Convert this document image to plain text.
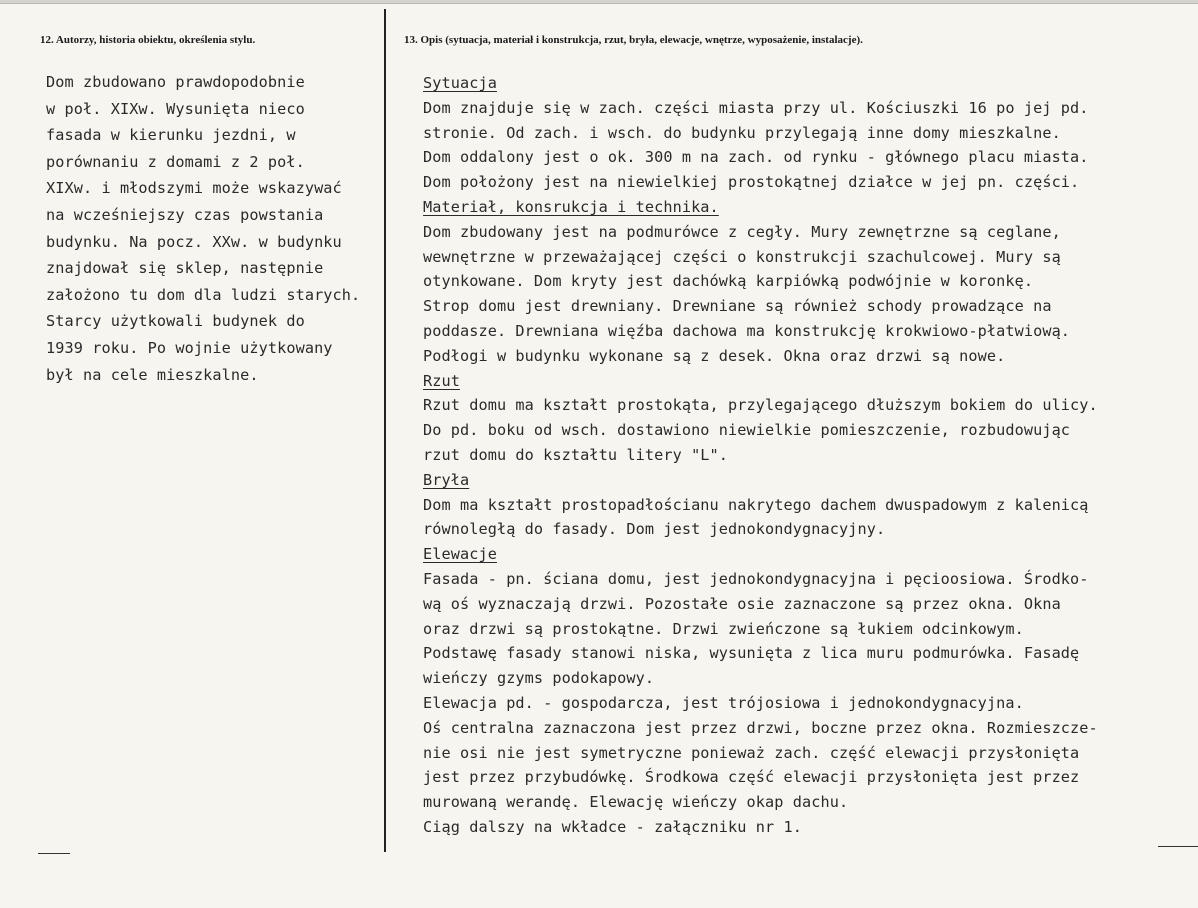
12. Autorzy, historia obiektu, określenia stylu.	13. Opis (sytuacja, materiał i konstrukcja, rzut, bryła, elewacje, wnętrze, wyposażenie, instalacje).
Dom zbudowano prawdopodobnie
w poł. XIXw. Wysunięta nieco
fasada w kierunku jezdni, w
porównaniu z domami z 2 poł.
XIXw. i młodszymi może wskazywać
na wcześniejszy czas powstania
budynku. Na pocz. XXw. w budynku
znajdował się sklep, następnie
założono tu dom dla ludzi starych.
Starcy użytkowali budynek do
1939 roku. Po wojnie użytkowany
był na cele mieszkalne.
Sytuacja
Dom znajduje się w zach. części miasta przy ul. Kościuszki 16 po jej pd.
stronie. Od zach. i wsch. do budynku przylegają inne domy mieszkalne.
Dom oddalony jest o ok. 300 m na zach. od rynku - głównego placu miasta.
Dom położony jest na niewielkiej prostokątnej działce w jej pn. części.
Materiał, konsrukcja i technika.
Dom zbudowany jest na podmurówce z cegły. Mury zewnętrzne są ceglane,
wewnętrzne w przeważającej części o konstrukcji szachulcowej. Mury są
otynkowane. Dom kryty jest dachówką karpiówką podwójnie w koronkę.
Strop domu jest drewniany. Drewniane są również schody prowadzące na
poddasze. Drewniana więźba dachowa ma konstrukcję krokwiowo-płatwiową.
Podłogi w budynku wykonane są z desek. Okna oraz drzwi są nowe.
Rzut
Rzut domu ma kształt prostokąta, przylegającego dłuższym bokiem do ulicy.
Do pd. boku od wsch. dostawiono niewielkie pomieszczenie, rozbudowując
rzut domu do kształtu litery "L".
Bryła
Dom ma kształt prostopadłościanu nakrytego dachem dwuspadowym z kalenicą
równoległą do fasady. Dom jest jednokondygnacyjny.
Elewacje
Fasada - pn. ściana domu, jest jednokondygnacyjna i pęcioosiowa. Środko-
wą oś wyznaczają drzwi. Pozostałe osie zaznaczone są przez okna. Okna
oraz drzwi są prostokątne. Drzwi zwieńczone są łukiem odcinkowym.
Podstawę fasady stanowi niska, wysunięta z lica muru podmurówka. Fasadę
wieńczy gzyms podokapowy.
Elewacja pd. - gospodarcza, jest trójosiowa i jednokondygnacyjna.
Oś centralna zaznaczona jest przez drzwi, boczne przez okna. Rozmieszcze-
nie osi nie jest symetryczne ponieważ zach. część elewacji przysłonięta
jest przez przybudówkę. Środkowa część elewacji przysłonięta jest przez
murowaną werandę. Elewację wieńczy okap dachu.
Ciąg dalszy na wkładce - załączniku nr 1.
